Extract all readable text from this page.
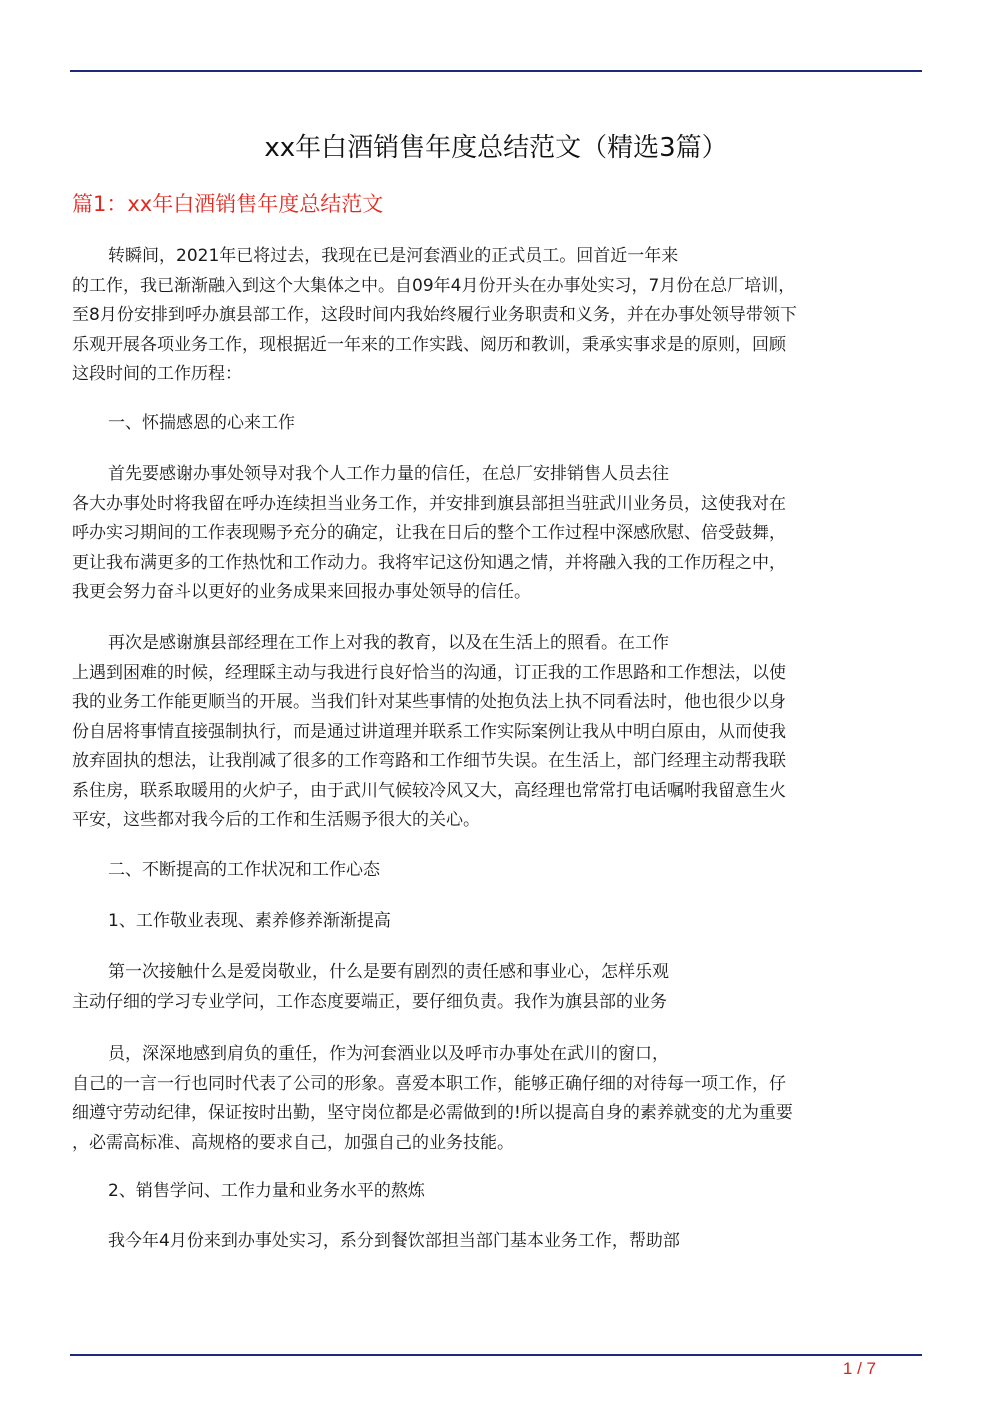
xx年白酒销售年度总结范文（精选3篇）
篇1：xx年白酒销售年度总结范文
转瞬间，2021年已将过去，我现在已是河套酒业的正式员工。回首近一年来
的工作，我已渐渐融入到这个大集体之中。自09年4月份开头在办事处实习，7月份在总厂培训，
至8月份安排到呼办旗县部工作，这段时间内我始终履行业务职责和义务，并在办事处领导带领下
乐观开展各项业务工作，现根据近一年来的工作实践、阅历和教训，秉承实事求是的原则，回顾
这段时间的工作历程：
一、怀揣感恩的心来工作
首先要感谢办事处领导对我个人工作力量的信任，在总厂安排销售人员去往
各大办事处时将我留在呼办连续担当业务工作，并安排到旗县部担当驻武川业务员，这使我对在
呼办实习期间的工作表现赐予充分的确定，让我在日后的整个工作过程中深感欣慰、倍受鼓舞，
更让我布满更多的工作热忱和工作动力。我将牢记这份知遇之情，并将融入我的工作历程之中，
我更会努力奋斗以更好的业务成果来回报办事处领导的信任。
再次是感谢旗县部经理在工作上对我的教育，以及在生活上的照看。在工作
上遇到困难的时候，经理睬主动与我进行良好恰当的沟通，订正我的工作思路和工作想法，以使
我的业务工作能更顺当的开展。当我们针对某些事情的处抱负法上执不同看法时，他也很少以身
份自居将事情直接强制执行，而是通过讲道理并联系工作实际案例让我从中明白原由，从而使我
放弃固执的想法，让我削减了很多的工作弯路和工作细节失误。在生活上，部门经理主动帮我联
系住房，联系取暖用的火炉子，由于武川气候较冷风又大，高经理也常常打电话嘱咐我留意生火
平安，这些都对我今后的工作和生活赐予很大的关心。
二、不断提高的工作状况和工作心态
1、工作敬业表现、素养修养渐渐提高
第一次接触什么是爱岗敬业，什么是要有剧烈的责任感和事业心，怎样乐观
主动仔细的学习专业学问，工作态度要端正，要仔细负责。我作为旗县部的业务
员，深深地感到肩负的重任，作为河套酒业以及呼市办事处在武川的窗口，
自己的一言一行也同时代表了公司的形象。喜爱本职工作，能够正确仔细的对待每一项工作，仔
细遵守劳动纪律，保证按时出勤，坚守岗位都是必需做到的!所以提高自身的素养就变的尤为重要
，必需高标准、高规格的要求自己，加强自己的业务技能。
2、销售学问、工作力量和业务水平的熬炼
我今年4月份来到办事处实习，系分到餐饮部担当部门基本业务工作，帮助部
1 / 7
